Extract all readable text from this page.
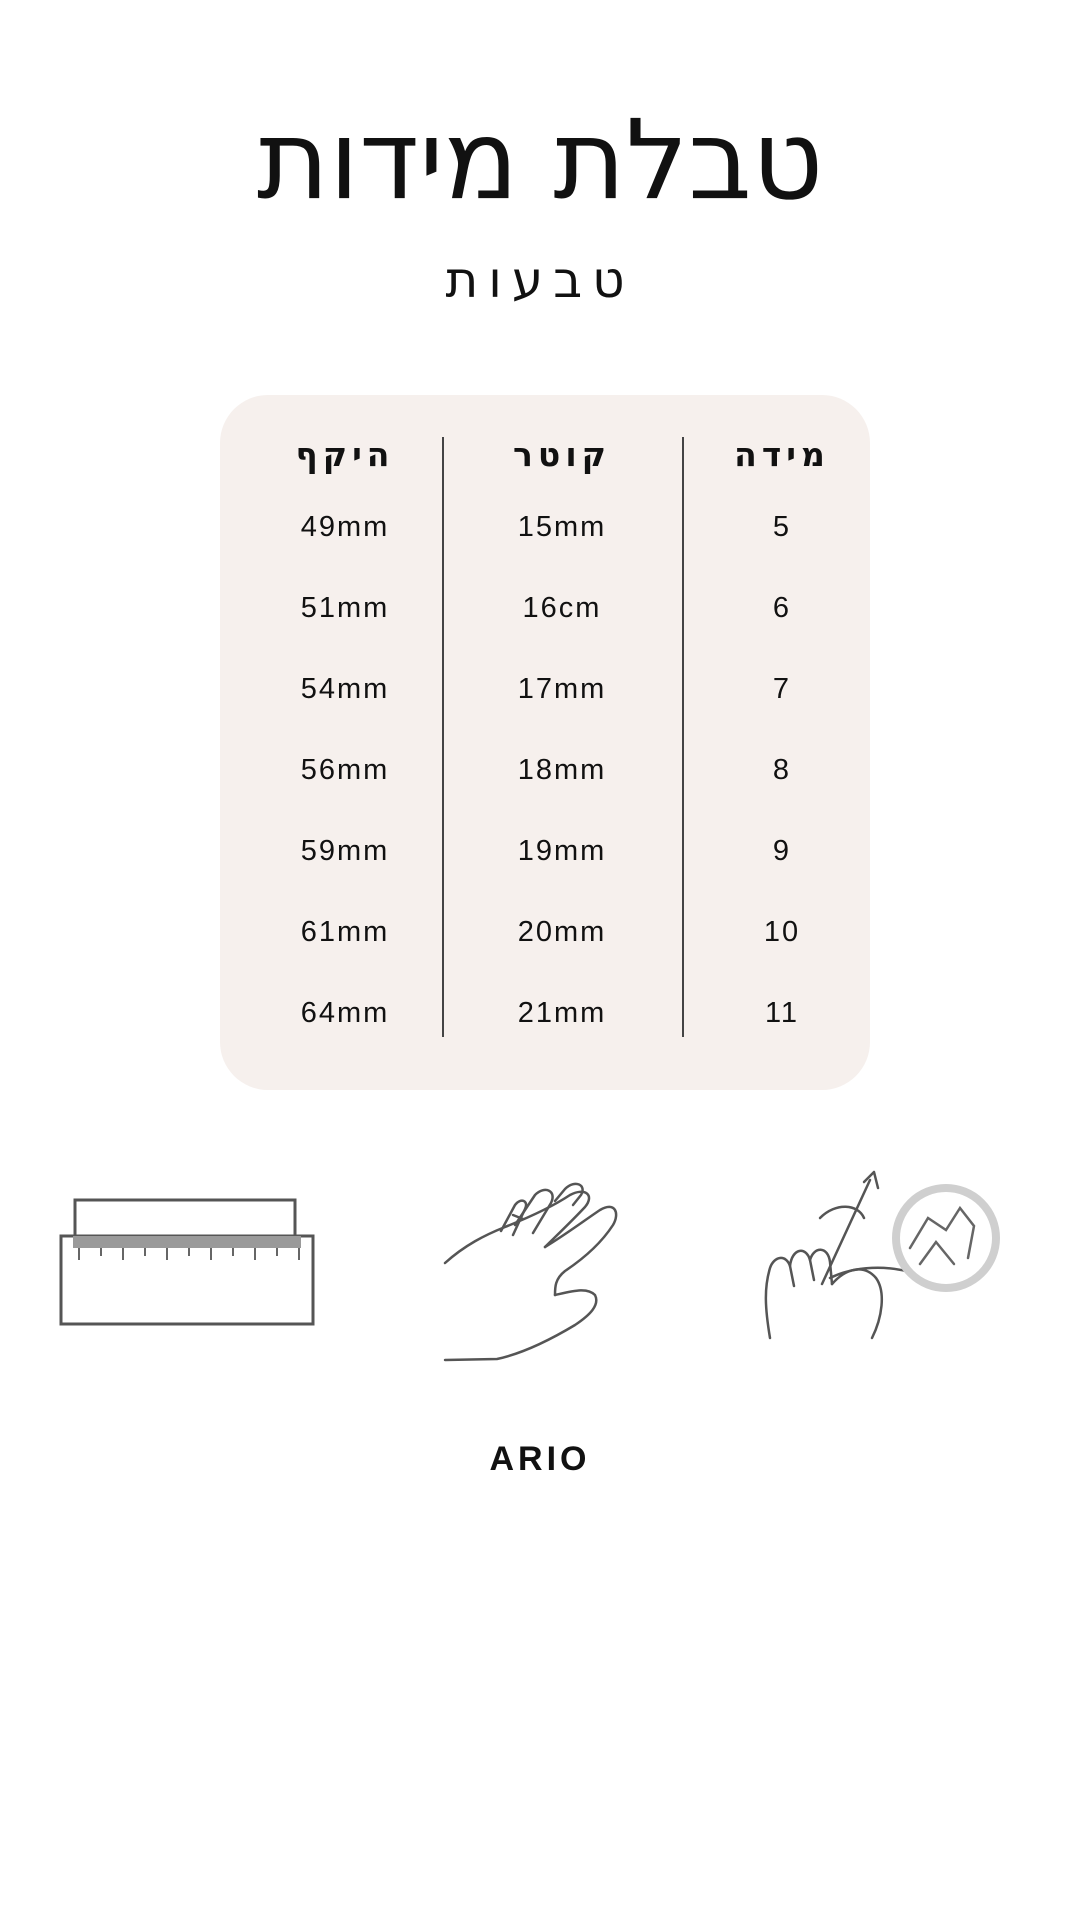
טבלת מידות
טבעות
מידה
5
6
7
8
9
10
11
קוטר
15mm
16cm
17mm
18mm
19mm
20mm
21mm
היקף
49mm
51mm
54mm
56mm
59mm
61mm
64mm
ARIO
